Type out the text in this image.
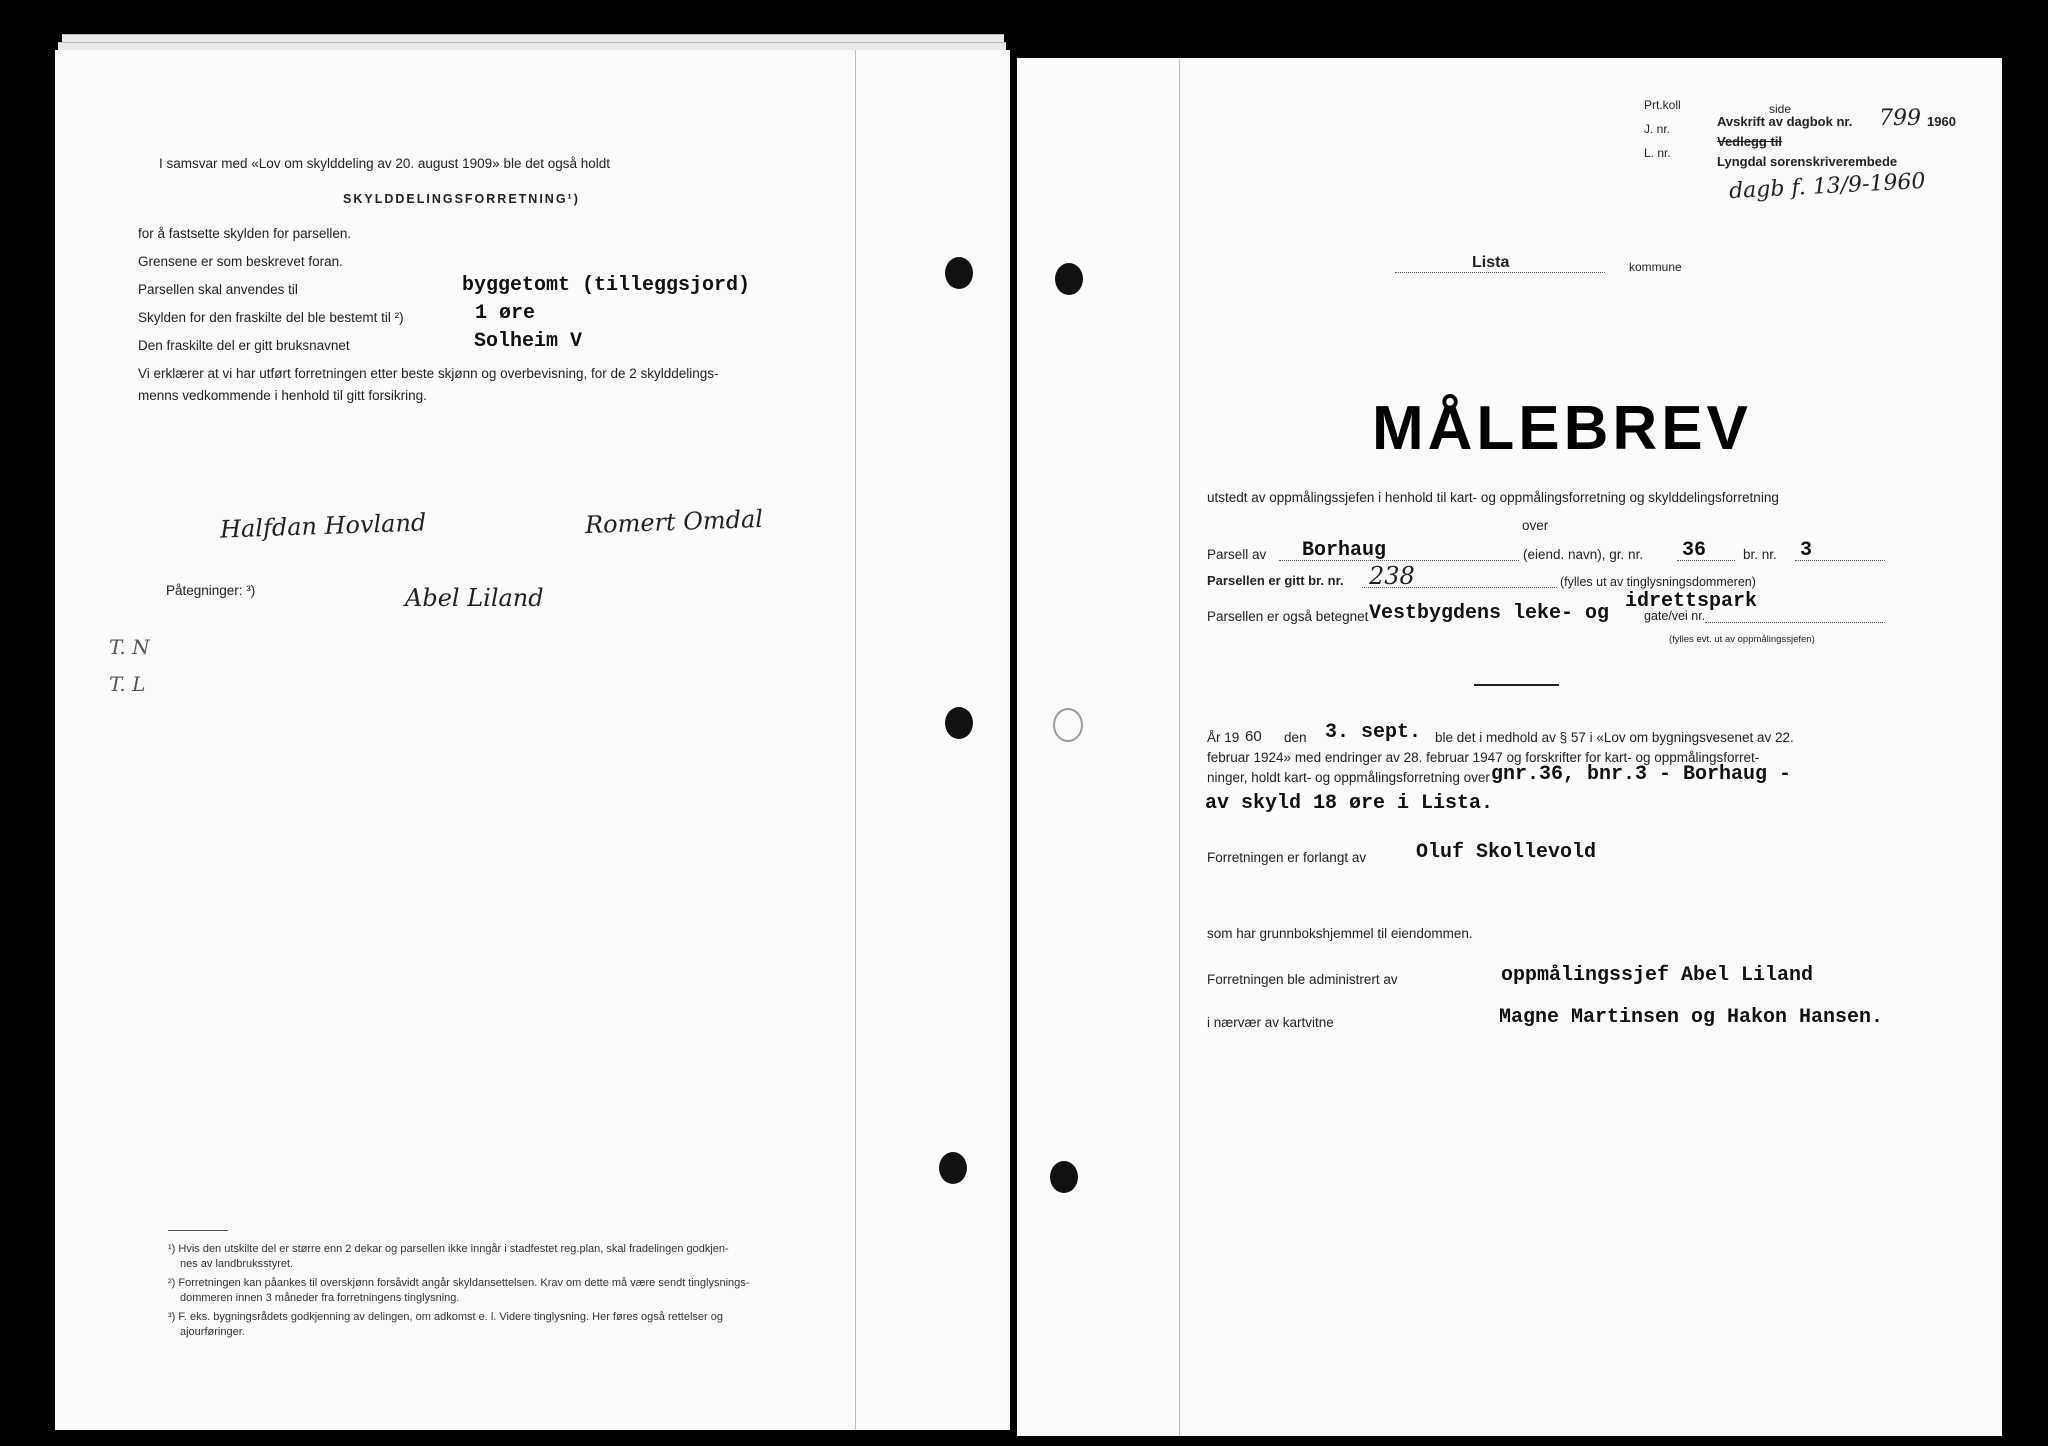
I samsvar med «Lov om skylddeling av 20. august 1909» ble det også holdt
SKYLDDELINGSFORRETNING¹)
for å fastsette skylden for parsellen.
Grensene er som beskrevet foran.
Parsellen skal anvendes til	byggetomt (tilleggsjord)
Skylden for den fraskilte del ble bestemt til ²)	1 øre
Den fraskilte del er gitt bruksnavnet	Solheim V
Vi erklærer at vi har utført forretningen etter beste skjønn og overbevisning, for de 2 skylddelings-
menns vedkommende i henhold til gitt forsikring.
Halfdan Hovland	Romert Omdal
Abel Liland
Påtegninger: ³)
T. N
T. L
¹) Hvis den utskilte del er større enn 2 dekar og parsellen ikke inngår i stadfestet reg.plan, skal fradelingen godkjen-
nes av landbruksstyret.
²) Forretningen kan påankes til overskjønn forsåvidt angår skyldansettelsen. Krav om dette må være sendt tinglysnings-
dommeren innen 3 måneder fra forretningens tinglysning.
³) F. eks. bygningsrådets godkjenning av delingen, om adkomst e. l. Videre tinglysning. Her føres også rettelser og
ajourføringer.
Prt.koll
J. nr.
L. nr.
side
Avskrift av dagbok nr. 799 1960
Vedlegg til
Lyngdal sorenskriverembede
dagb f. 13/9-1960
Lista	kommune
MÅLEBREV
utstedt av oppmålingssjefen i henhold til kart- og oppmålingsforretning og skylddelingsforretning
over
Parsell av Borhaug	(eiend. navn), gr. nr. 36	br. nr. 3
Parsellen er gitt br. nr. 238	(fylles ut av tinglysningsdommeren)
Parsellen er også betegnet Vestbygdens leke- og
idrettspark
gate/vei nr.
(fylles evt. ut av oppmålingssjefen)
År 19 60 den 3. sept. ble det i medhold av § 57 i «Lov om bygningsvesenet av 22.
februar 1924» med endringer av 28. februar 1947 og forskrifter for kart- og oppmålingsforret-
ninger, holdt kart- og oppmålingsforretning over gnr.36, bnr.3 - Borhaug -
av skyld 18 øre i Lista.
Forretningen er forlangt av Oluf Skollevold
som har grunnbokshjemmel til eiendommen.
Forretningen ble administrert av	oppmålingssjef Abel Liland
i nærvær av kartvitne	Magne Martinsen og Hakon Hansen.
